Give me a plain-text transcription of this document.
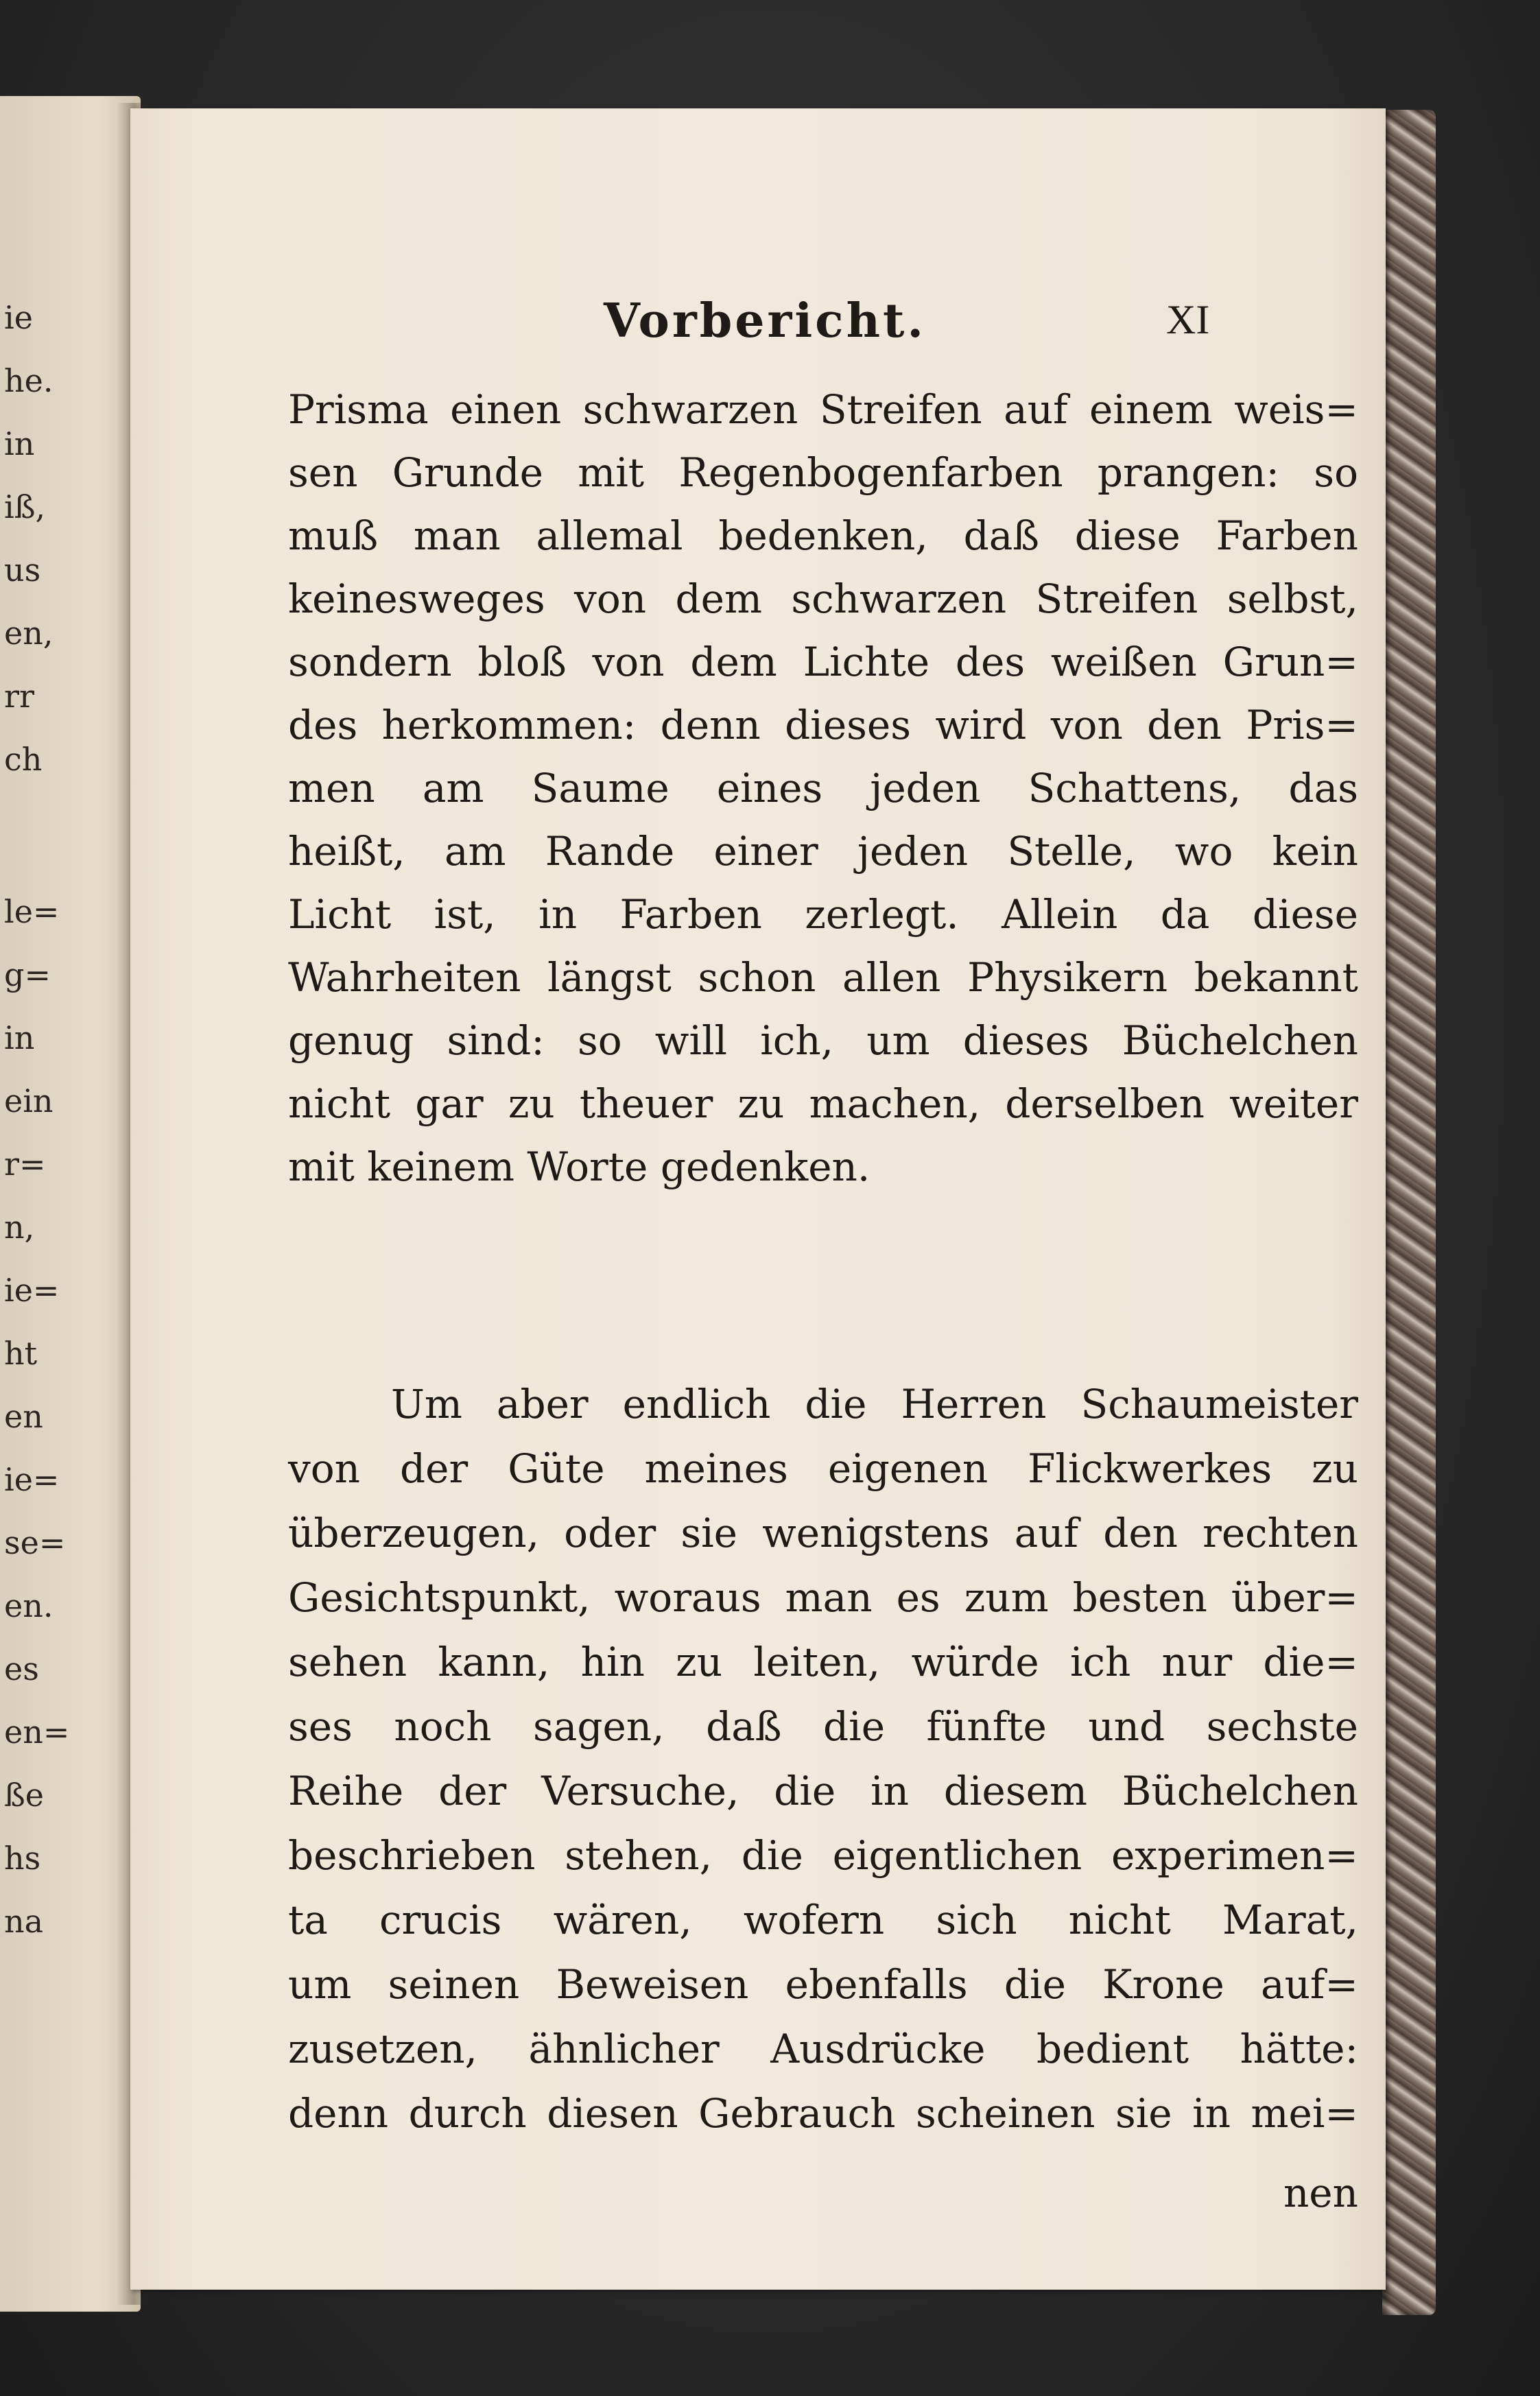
ie
he.
in
iß,
us
en,
rr
ch
le=
g=
in
ein
r=
n,
ie=
ht
en
ie=
se=
en.
es
en=
ße
hs
na
Vorbericht.	XI
Prisma einen schwarzen Streifen auf einem weis=
sen Grunde mit Regenbogenfarben prangen: so
muß man allemal bedenken, daß diese Farben
keinesweges von dem schwarzen Streifen selbst,
sondern bloß von dem Lichte des weißen Grun=
des herkommen: denn dieses wird von den Pris=
men am Saume eines jeden Schattens, das
heißt, am Rande einer jeden Stelle, wo kein
Licht ist, in Farben zerlegt. Allein da diese
Wahrheiten längst schon allen Physikern bekannt
genug sind: so will ich, um dieses Büchelchen
nicht gar zu theuer zu machen, derselben weiter
mit keinem Worte gedenken.
Um aber endlich die Herren Schaumeister
von der Güte meines eigenen Flickwerkes zu
überzeugen, oder sie wenigstens auf den rechten
Gesichtspunkt, woraus man es zum besten über=
sehen kann, hin zu leiten, würde ich nur die=
ses noch sagen, daß die fünfte und sechste
Reihe der Versuche, die in diesem Büchelchen
beschrieben stehen, die eigentlichen experimen=
ta crucis wären, wofern sich nicht Marat,
um seinen Beweisen ebenfalls die Krone auf=
zusetzen, ähnlicher Ausdrücke bedient hätte:
denn durch diesen Gebrauch scheinen sie in mei=
nen
